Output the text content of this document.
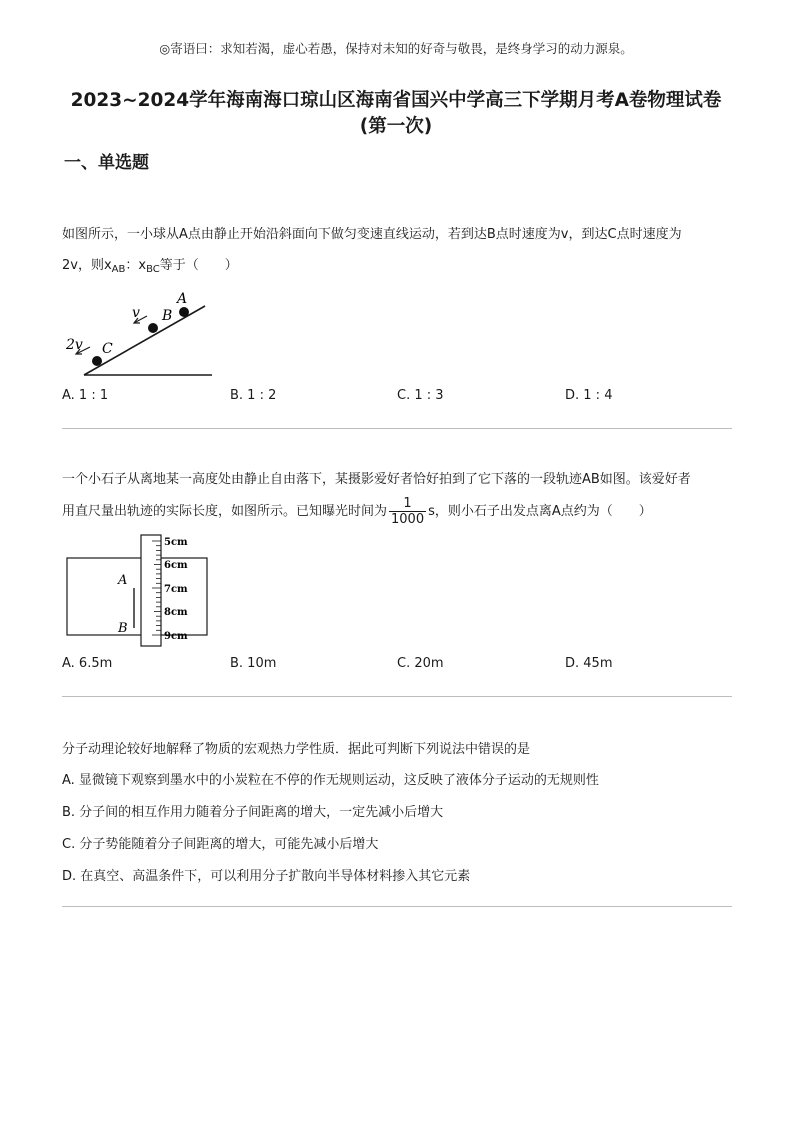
◎寄语曰：求知若渴，虚心若愚，保持对未知的好奇与敬畏，是终身学习的动力源泉。
2023~2024学年海南海口琼山区海南省国兴中学高三下学期月考A卷物理试卷
(第一次)
一、单选题
如图所示，一小球从A点由静止开始沿斜面向下做匀变速直线运动，若到达B点时速度为v，到达C点时速度为
2v，则$x_{AB}$：$x_{BC}$等于（　　）
A
B
C
v
2v
A. 1 : 1	B. 1 : 2	C. 1 : 3	D. 1 : 4
一个小石子从离地某一高度处由静止自由落下，某摄影爱好者恰好拍到了它下落的一段轨迹AB如图。该爱好者
用直尺量出轨迹的实际长度，如图所示。已知曝光时间为 $\frac{1}{1000}$ s，则小石子出发点离A点约为（　　）
5cm
6cm
7cm
8cm
9cm
A
B
A. 6.5m	B. 10m	C. 20m	D. 45m
分子动理论较好地解释了物质的宏观热力学性质．据此可判断下列说法中错误的是
A. 显微镜下观察到墨水中的小炭粒在不停的作无规则运动，这反映了液体分子运动的无规则性
B. 分子间的相互作用力随着分子间距离的增大，一定先减小后增大
C. 分子势能随着分子间距离的增大，可能先减小后增大
D. 在真空、高温条件下，可以利用分子扩散向半导体材料掺入其它元素
